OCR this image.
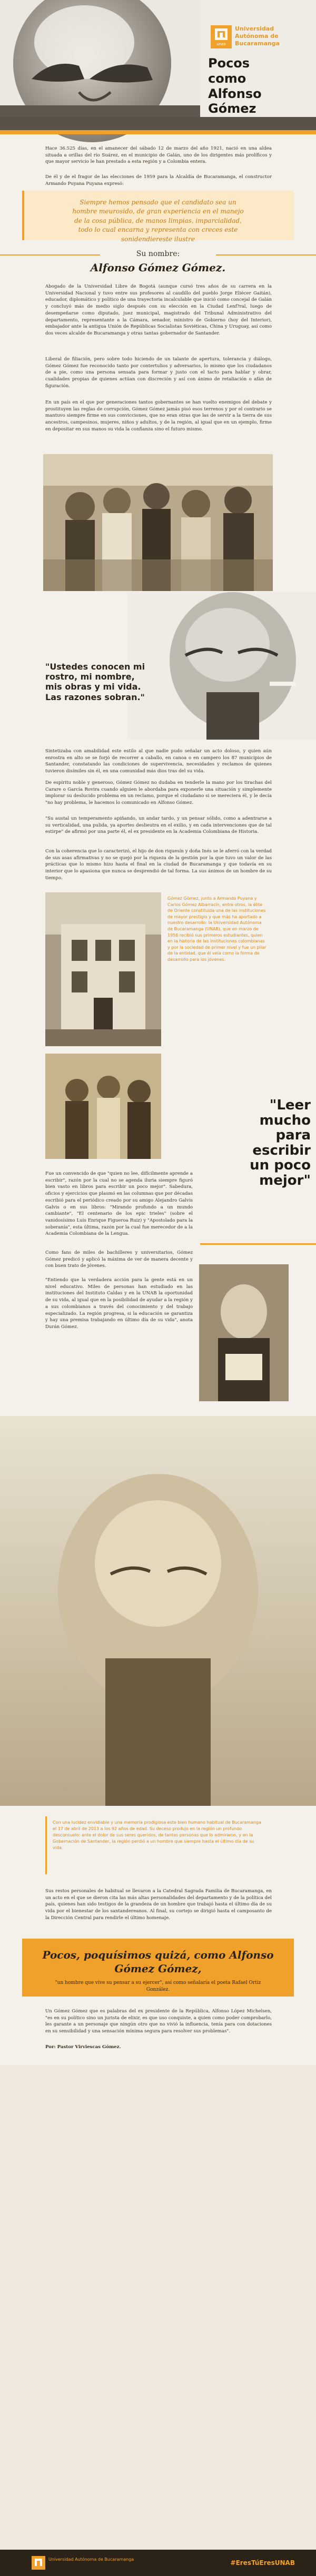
unab
Universidad Autónoma de Bucaramanga
Pocos
como
Alfonso
Gómez
Hace 36.525 días, en el amanecer del sábado 12 de marzo del año 1921, nació en una aldea situada a orillas del río Suárez, en el municipio de Galán, uno de los dirigentes más prolíficos y que mayor servicio le han prestado a esta región y a Colombia entera.
De él y de el fragor de las elecciones de 1959 para la Alcaldía de Bucaramanga, el constructor Armando Puyana Puyana expresó:
Siempre hemos pensado que el candidato sea un hombre meurosido, de gran experiencia en el manejo de la cosa pública, de manos limpias, imparcialidad, todo lo cual encarna y representa con creces este sonidendiereste ilustre
Su nombre:
Alfonso Gómez Gómez.
Abogado de la Universidad Libre de Bogotá (aunque cursó tres años de su carrera en la Universidad Nacional y tuvo entre sus profesores al caudillo del pueblo Jorge Eliécer Gaitán), educador, diplomático y político de una trayectoria incalculable que inició como concejal de Galán y concluyó más de medio siglo después con su elección en la Ciudad Lenf?ral, luego de desempeñarse como diputado, juez municipal, magistrado del Tribunal Administrativo del departamento, representante a la Cámara, senador, ministro de Gobierno (hoy del Interior), embajador ante la antigua Unión de Repúblicas Socialistas Soviéticas, China y Uruguay, así como dos veces alcalde de Bucaramanga y otras tantas gobernador de Santander.
Liberal de filiación, pero sobre todo hiciendo de un talante de apertura, tolerancia y diálogo, Gómez Gómez fue reconocido tanto por contertulios y adversarios, lo mismo que los ciudadanos de a pie, como una persona sensata para formar y justo con el tacto para hablar y obrar, cualidades propias de quienes actúan con discreción y así con ánimo de retaliación o afán de figuración.
En un país en el que por generaciones tantos gobernantes se han vuelto enemigos del debate y prostituyen las reglas de corrupción, Gómez Gómez jamás pisó esos terrenos y por el contrario se mantuvo siempre firme en sus convicciones, que no eran otras que las de servir a la tierra de sus ancestros, campesinos, mujeres, niños y adultos, y de la región, al igual que en un ejemplo, firme en depositar en sus manos su vida la confianza sino el futuro mismo.
"Ustedes conocen mi rostro, mi nombre, mis obras y mi vida. Las razones sobran."
Sintetizaba con amabilidad este estilo al que nadie pudo señalar un acto doloso, y quien aún enrostra en alto se se forjó de recorrer a caballo, en canoa o en campero los 87 municipios de Santander, constatando las condiciones de supervivencia, necesidades y reclamos de quienes tuvieron disímiles sin él, en una comunidad más dios tras del su vida.
De espíritu noble y generoso, Gómez Gómez no dudaba en tenderle la mano por los tirachas del Carare o García Rovira cuando alguien le abordaba para exponerle una situación y simplemente implorar su deslucido problema en un reclamo, porque el ciudadano si se mereciera él, y le decía "no hay problema, le hacemos lo comunicado en Alfonso Gómez.
"Su austal un temperamento apiñando, un andar tardo, y un pensar sólido, como a adentrarse a su verticalidad, una pulida, ya aportes deslieutra en el exilio, y en cada intervenciones que de tal estirpe" de afirmó por una parte él, el ex presidente en la Academia Colombiana de Historia.
Con la coherencia que lo caracterizó, el hijo de don riquesín y doña Inés se le aferró con la verdad de sus asas afirmativas y no se quejó por la riqueza de la gestión por la que tuvo un valor de las prácticas que lo mismo hizo hasta el final en la ciudad de Bucaramanga y que todavía en su interior que lo apasiona que nunca se desprendió de tal forma. La sus ánimos de un hombre de su tiempo.
Gómez Gómez, junto a Armando Puyana y Carlos Gómez Albarracín, entre otros, la élite de Oriente constituida una de las instituciones de mayor prestigio y que más ha aportado a nuestro desarrollo: la Universidad Autónoma de Bucaramanga (UNAB), que en marzo de 1956 recibió sus primeros estudiantes, quien en la historia de las instituciones colombianas y por la sociedad de primer nivel y fue un pilar de la entidad, que él veía como la forma de desarrollo para los jóvenes.
"Leer
mucho
para
escribir
un poco
mejor"
Fue un convencido de que "quien no lee, difícilmente aprende a escribir", razón por la cual no se agenda iluria siempre figuró bien vasto en libros para escribir un poco mejor". Sabedura, oficios y ejercicios que plasmó en las columnas que por décadas escribió para el periódico creado por su amigo Alejandro Galvis Galvis o en sus libros: "Mirando profundo a un mundo cambiante", "El centenario de los epic trieles" (sobre el vanidosísimo Luis Enrique Figueroa Ruiz) y "Apostolado para la soberanía", esta última, razón por la cual fue merecedor de a la Academia Colombiana de la Lengua.
Como fans de miles de bachilleres y universitarios, Gómez Gómez predicó y aplicó la máxima de ver de manera decente y con buen trato de jóvenes.
"Entiendo que la verdadera acción para la gente está en un nivel educativo. Miles de personas han estudiado en las instituciones del Instituto Caldas y en la UNAB la oportunidad de su vida, al igual que en la posibilidad de ayudar a la región y a sus colombianos a través del conocimiento y del trabajo especializado. La región progresa, si la educación se garantiza y hay una premisa trabajando en último día de su vida", anota Durán Gómez.
Con una lucidez envidiable y una memoria prodigiosa este bien humano habitual de Bucaramanga el 17 de abril de 2013 a los 92 años de edad. Su deceso produjo en la región un profundo desconsuelo: ante el dolor de sus seres queridos, de tantas personas que lo admiraron, y en la Gobernación de Santander, la región perdió a un hombre que siempre hasta el último día de su vida.
Sus restos personales de habitual se llevaron a la Catedral Sagrada Familia de Bucaramanga, en un acto en el que se dieron cita las más altas personalidades del departamento y de la política del país, quienes han sido testigos de la grandeza de un hombre que trabajó hasta el último día de su vida por el bienestar de los santandereanos. Al final, su cortejo se dirigió hasta el camposanto de la Dirección Central para rendirle el último homenaje.
Pocos, poquísimos quizá, como Alfonso Gómez Gómez,
"un hombre que vive su pensar a su ejercer", así como señalaría el poeta Rafael Ortiz González.
Un Gómez Gómez que es palabras del ex presidente de la República, Alfonso López Michelsen, "es en su político sino un jurista de elixir, es que uso conquiste, a quien como poder comprobarlo, les garante a un personaje que ningún otro que no vivió la influencia, tenía para con dotaciones en su sensibilidad y una sensación mínima segura para resolver sus problemas".
Por: Pastor Virviescas Gómez.
Universidad Autónoma de Bucaramanga	#EresTúEresUNAB
